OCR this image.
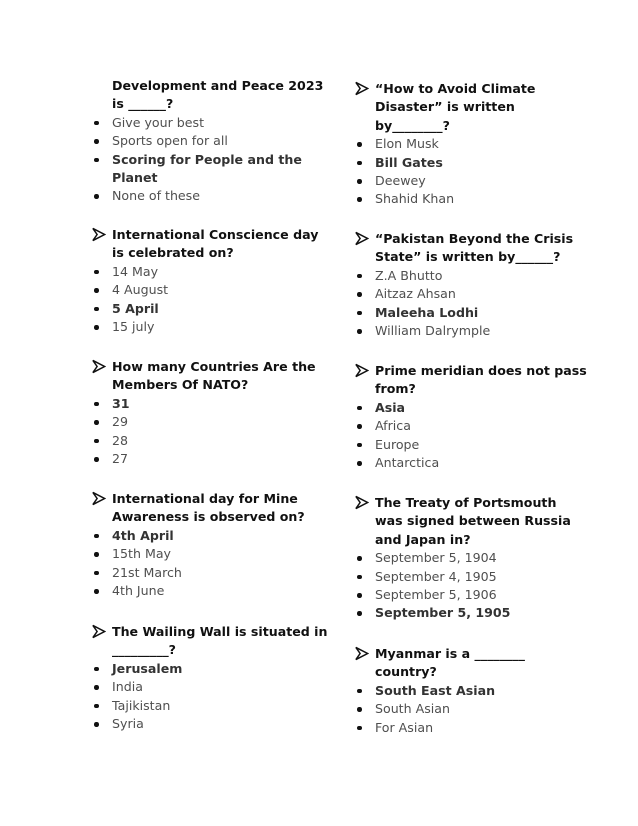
Development and Peace 2023
is ______?
Give your best
Sports open for all
Scoring for People and the Planet
None of these
International Conscience day
is celebrated on?
14 May
4 August
5 April
15 july
How many Countries Are the
Members Of NATO?
31
29
28
27
International day for Mine
Awareness is observed on?
4th April
15th May
21st March
4th June
The Wailing Wall is situated in
_________?
Jerusalem
India
Tajikistan
Syria
“How to Avoid Climate
Disaster” is written
by________?
Elon Musk
Bill Gates
Deewey
Shahid Khan
“Pakistan Beyond the Crisis
State” is written by______?
Z.A Bhutto
Aitzaz Ahsan
Maleeha Lodhi
William Dalrymple
Prime meridian does not pass
from?
Asia
Africa
Europe
Antarctica
The Treaty of Portsmouth
was signed between Russia
and Japan in?
September 5, 1904
September 4, 1905
September 5, 1906
September 5, 1905
Myanmar is a ________
country?
South East Asian
South Asian
For Asian
